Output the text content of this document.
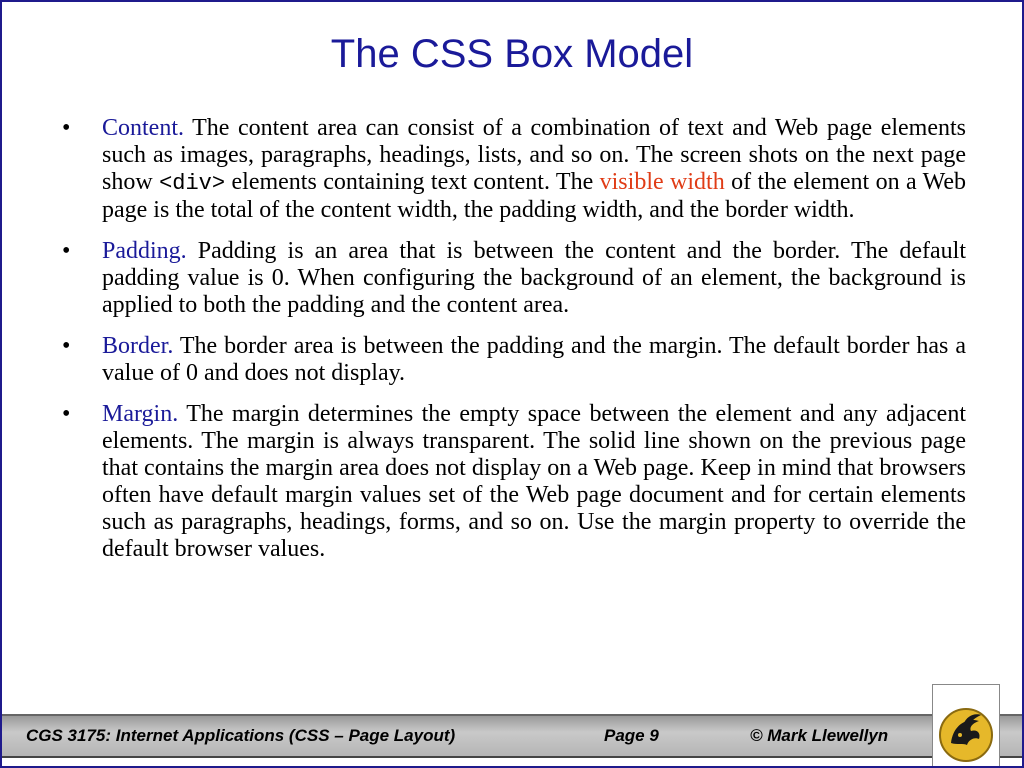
The CSS Box Model
• Content. The content area can consist of a combination of text and Web page elements such as images, paragraphs, headings, lists, and so on. The screen shots on the next page show <div> elements containing text content. The visible width of the element on a Web page is the total of the content width, the padding width, and the border width.
• Padding. Padding is an area that is between the content and the border. The default padding value is 0. When configuring the background of an element, the background is applied to both the padding and the content area.
• Border. The border area is between the padding and the margin. The default border has a value of 0 and does not display.
• Margin. The margin determines the empty space between the element and any adjacent elements. The margin is always transparent. The solid line shown on the previous page that contains the margin area does not display on a Web page. Keep in mind that browsers often have default margin values set of the Web page document and for certain elements such as paragraphs, headings, forms, and so on. Use the margin property to override the default browser values.
CGS 3175: Internet Applications (CSS – Page Layout)	Page 9	© Mark Llewellyn
